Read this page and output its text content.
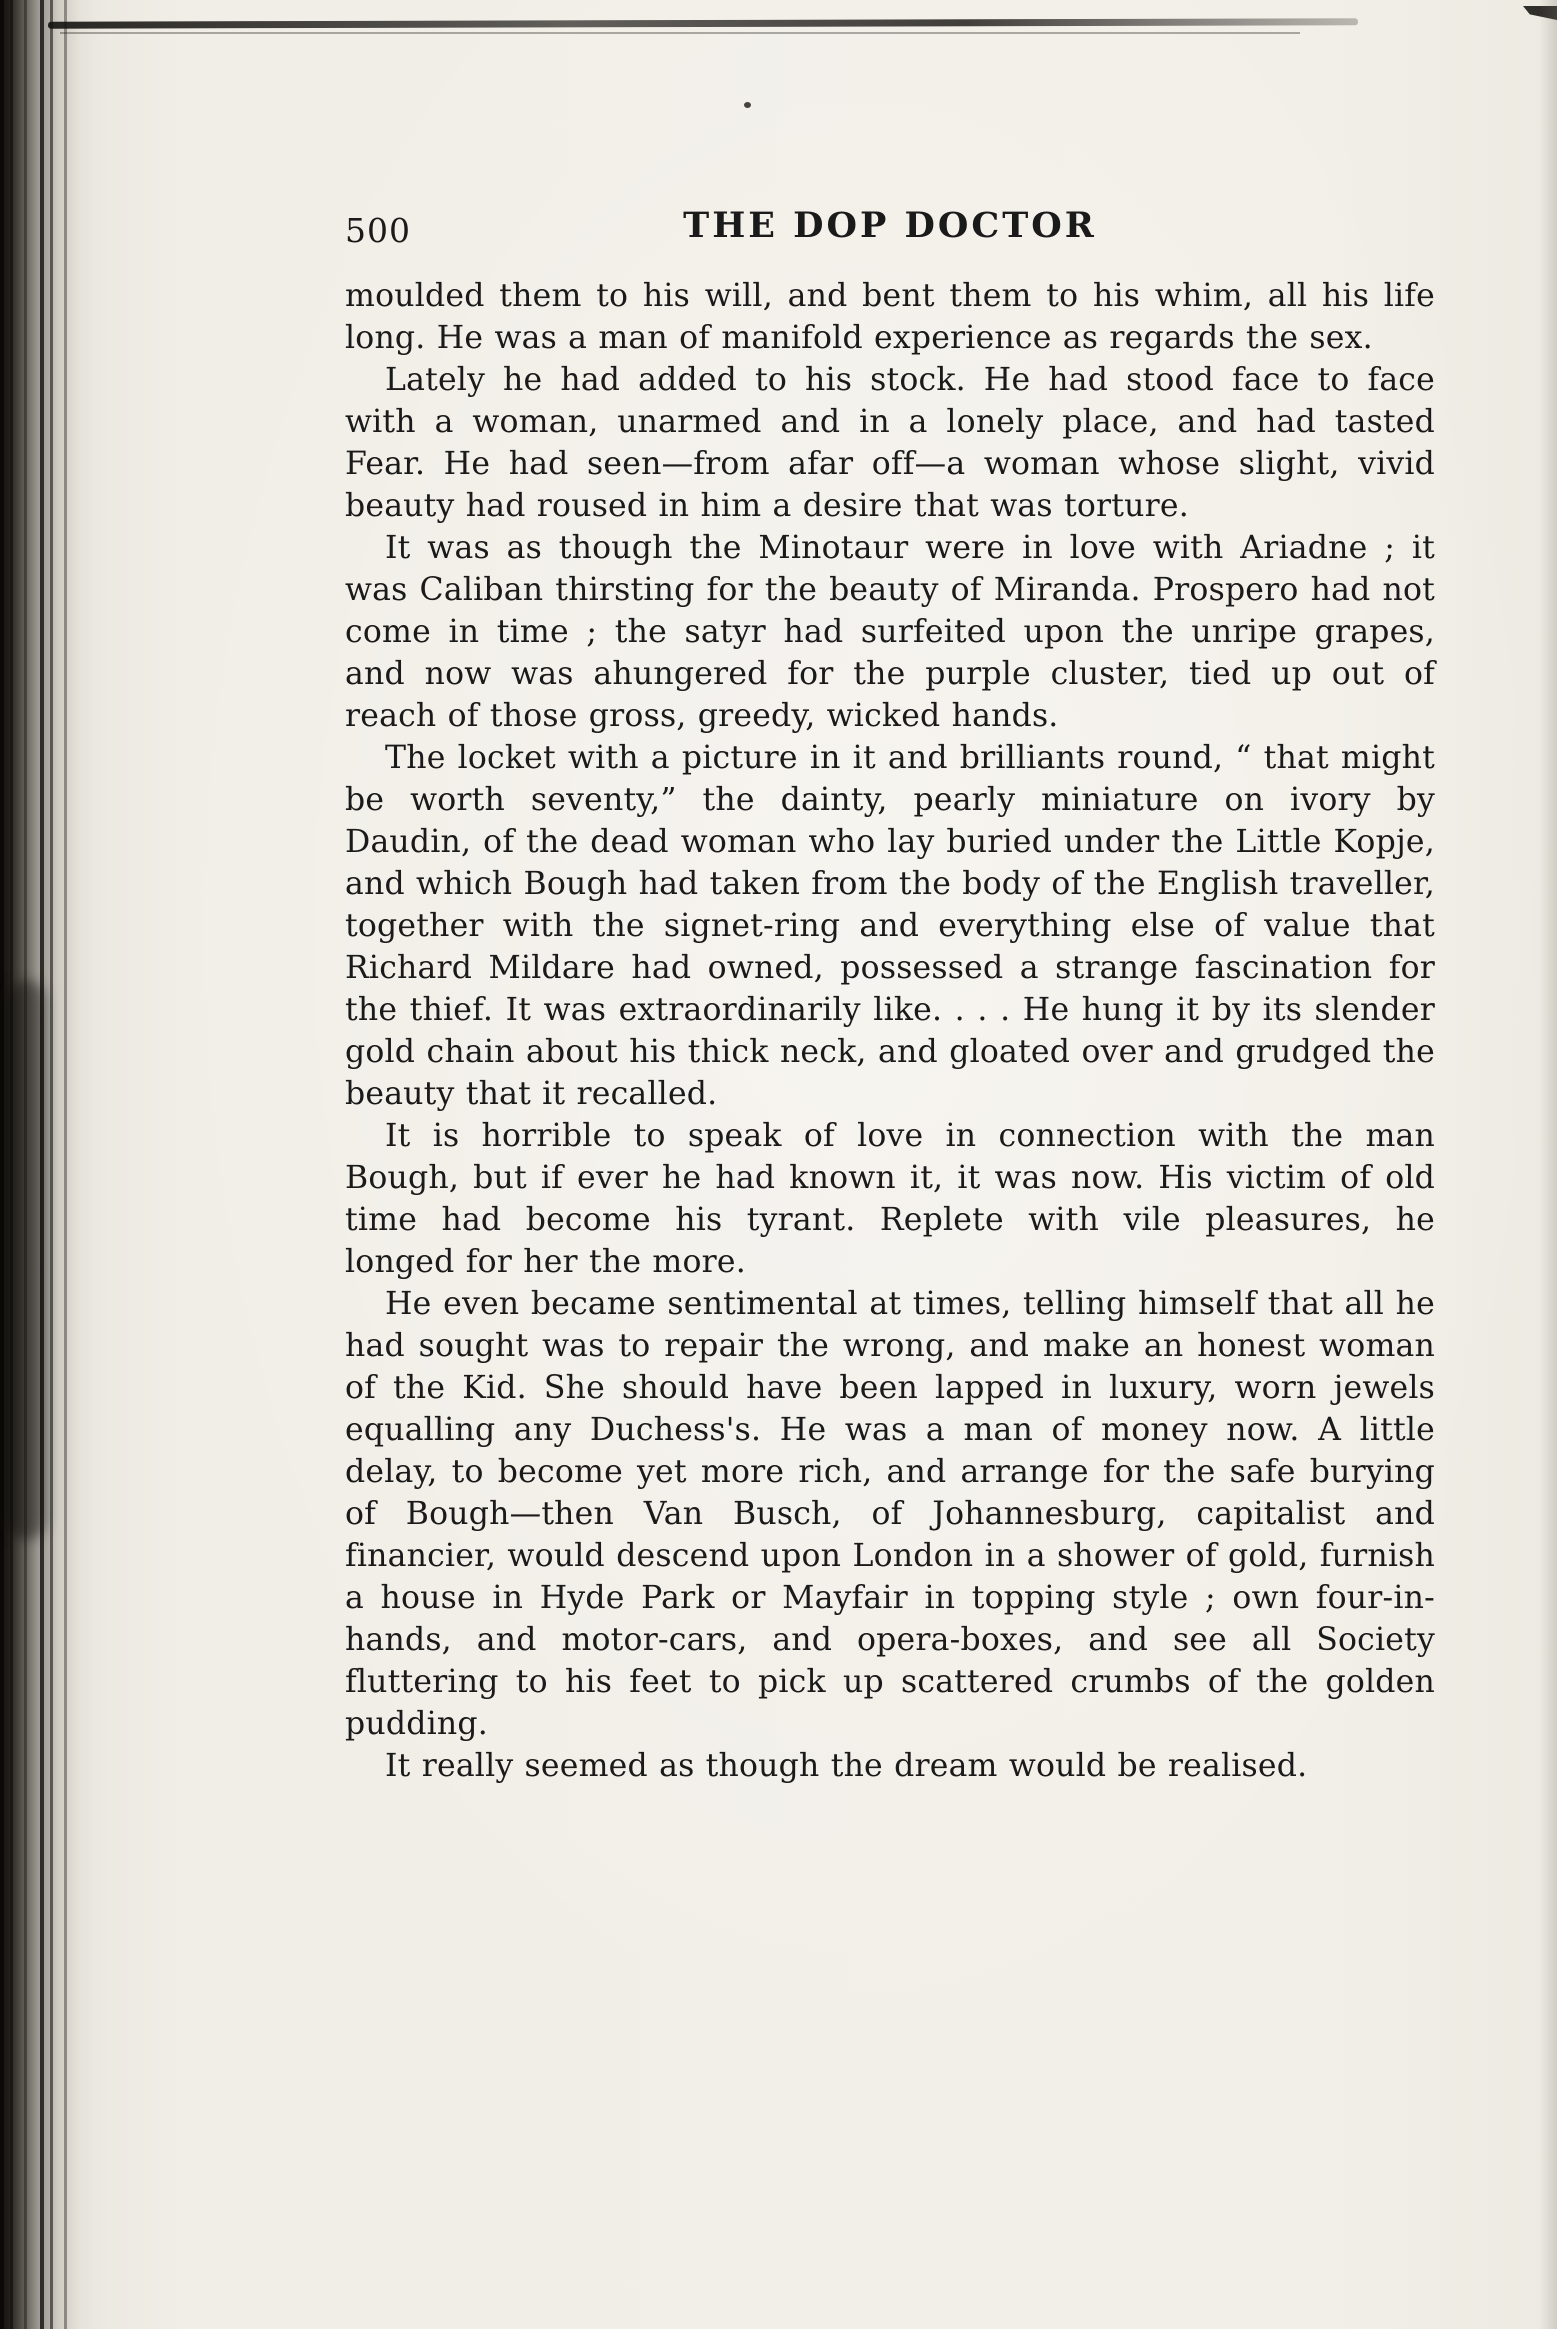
500	THE DOP DOCTOR

moulded them to his will, and bent them to his whim, all his life long. He was a man of manifold experience as regards the sex.

Lately he had added to his stock. He had stood face to face with a woman, unarmed and in a lonely place, and had tasted Fear. He had seen—from afar off—a woman whose slight, vivid beauty had roused in him a desire that was torture.

It was as though the Minotaur were in love with Ariadne ; it was Caliban thirsting for the beauty of Miranda. Prospero had not come in time ; the satyr had surfeited upon the unripe grapes, and now was ahungered for the purple cluster, tied up out of reach of those gross, greedy, wicked hands.

The locket with a picture in it and brilliants round, “ that might be worth seventy,” the dainty, pearly miniature on ivory by Daudin, of the dead woman who lay buried under the Little Kopje, and which Bough had taken from the body of the English traveller, together with the signet-ring and everything else of value that Richard Mildare had owned, possessed a strange fascination for the thief. It was extraordinarily like. . . . He hung it by its slender gold chain about his thick neck, and gloated over and grudged the beauty that it recalled.

It is horrible to speak of love in connection with the man Bough, but if ever he had known it, it was now. His victim of old time had become his tyrant. Replete with vile pleasures, he longed for her the more.

He even became sentimental at times, telling himself that all he had sought was to repair the wrong, and make an honest woman of the Kid. She should have been lapped in luxury, worn jewels equalling any Duchess's. He was a man of money now. A little delay, to become yet more rich, and arrange for the safe burying of Bough—then Van Busch, of Johannesburg, capitalist and financier, would descend upon London in a shower of gold, furnish a house in Hyde Park or Mayfair in topping style ; own four-in-hands, and motor-cars, and opera-boxes, and see all Society fluttering to his feet to pick up scattered crumbs of the golden pudding.

It really seemed as though the dream would be realised.
